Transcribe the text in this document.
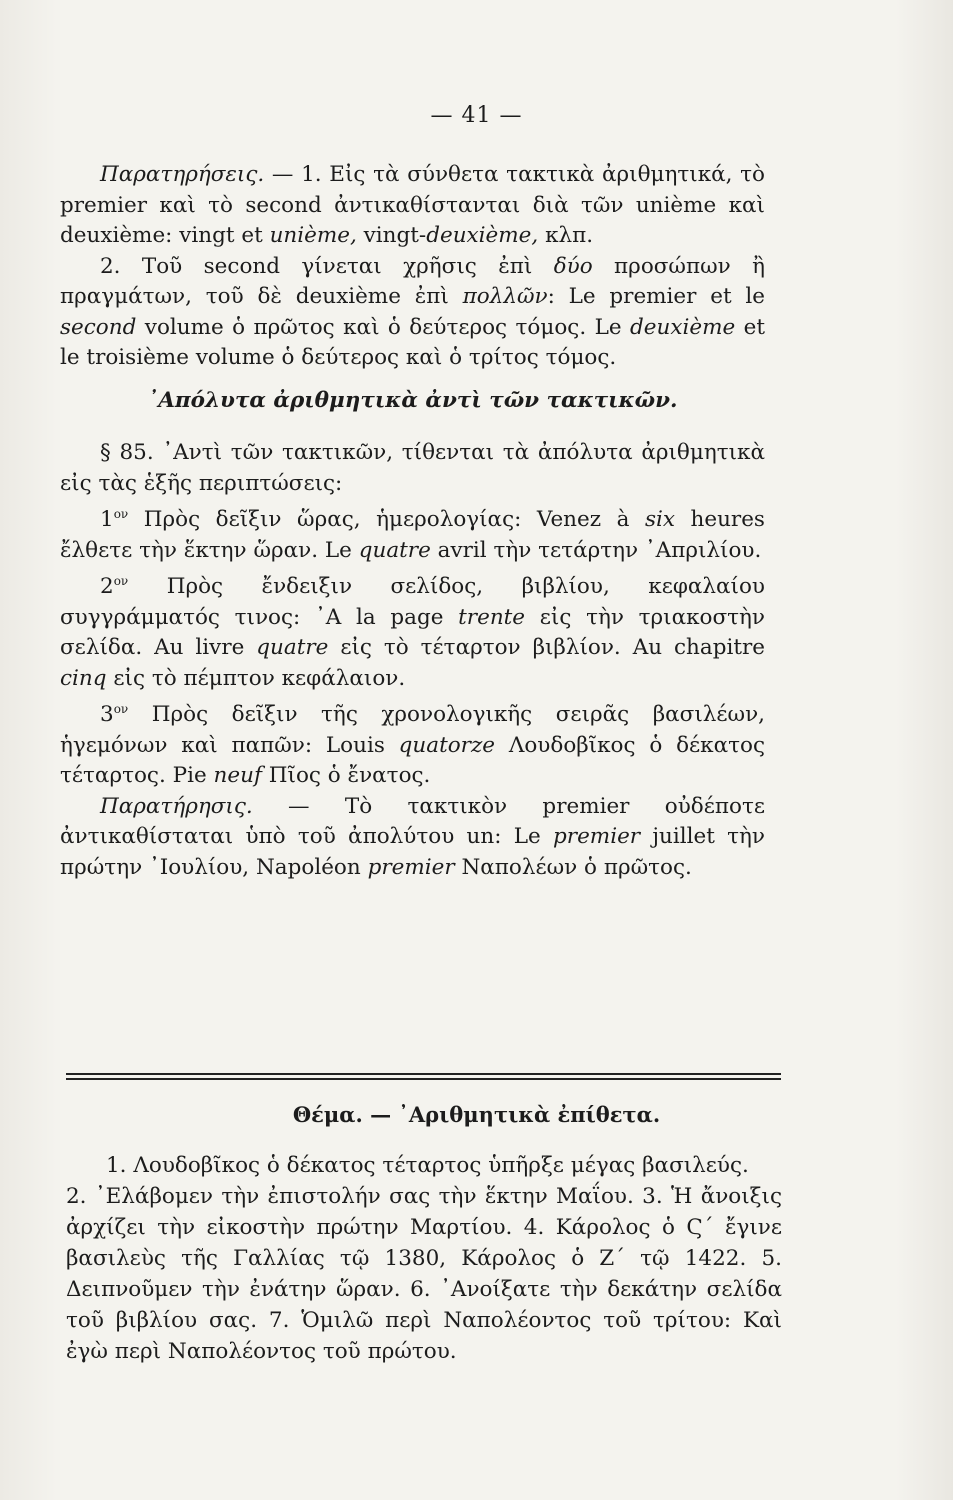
— 41 —

Παρατηρήσεις. — 1. Εἰς τὰ σύνθετα τακτικὰ ἀριθμητικά, τὸ premier καὶ τὸ second ἀντικαθίστανται διὰ τῶν unième καὶ deuxième: vingt et unième, vingt-deuxième, κλπ.

2. Τοῦ second γίνεται χρῆσις ἐπὶ δύο προσώπων ἢ πραγμάτων, τοῦ δὲ deuxième ἐπὶ πολλῶν: Le premier et le second volume ὁ πρῶτος καὶ ὁ δεύτερος τόμος. Le deuxième et le troisième volume ὁ δεύτερος καὶ ὁ τρίτος τόμος.

᾿Απόλυτα ἀριθμητικὰ ἀντὶ τῶν τακτικῶν.

§ 85. ᾿Αντὶ τῶν τακτικῶν, τίθενται τὰ ἀπόλυτα ἀριθμητικὰ εἰς τὰς ἑξῆς περιπτώσεις:

$1^{o\nu}$ Πρὸς δεῖξιν ὥρας, ἡμερολογίας: Venez à six heures ἔλθετε τὴν ἕκτην ὥραν. Le quatre avril τὴν τετάρτην ᾿Απριλίου.

$2^{o\nu}$ Πρὸς ἔνδειξιν σελίδος, βιβλίου, κεφαλαίου συγγράμματός τινος: ᾿A la page trente εἰς τὴν τριακοστὴν σελίδα. Au livre quatre εἰς τὸ τέταρτον βιβλίον. Au chapitre cinq εἰς τὸ πέμπτον κεφάλαιον.

$3^{o\nu}$ Πρὸς δεῖξιν τῆς χρονολογικῆς σειρᾶς βασιλέων, ἡγεμόνων καὶ παπῶν: Louis quatorze Λουδοβῖκος ὁ δέκατος τέταρτος. Pie neuf Πῖος ὁ ἔνατος.

Παρατήρησις. — Τὸ τακτικὸν premier οὐδέποτε ἀντικαθίσταται ὑπὸ τοῦ ἀπολύτου un: Le premier juillet τὴν πρώτην ᾿Ιουλίου, Napoléon premier Ναπολέων ὁ πρῶτος.

Θέμα. — ᾿Αριθμητικὰ ἐπίθετα.

1. Λουδοβῖκος ὁ δέκατος τέταρτος ὑπῆρξε μέγας βασιλεύς.

2. ᾿Ελάβομεν τὴν ἐπιστολήν σας τὴν ἕκτην Μαΐου. 3. Ἡ ἄνοιξις ἀρχίζει τὴν εἰκοστὴν πρώτην Μαρτίου. 4. Κάρολος ὁ Ϛ΄ ἔγινε βασιλεὺς τῆς Γαλλίας τῷ 1380, Κάρολος ὁ Ζ΄ τῷ 1422. 5. Δειπνοῦμεν τὴν ἐνάτην ὥραν. 6. ᾿Ανοίξατε τὴν δεκάτην σελίδα τοῦ βιβλίου σας. 7. Ὁμιλῶ περὶ Ναπολέοντος τοῦ τρίτου: Καὶ ἐγὼ περὶ Ναπολέοντος τοῦ πρώτου.
